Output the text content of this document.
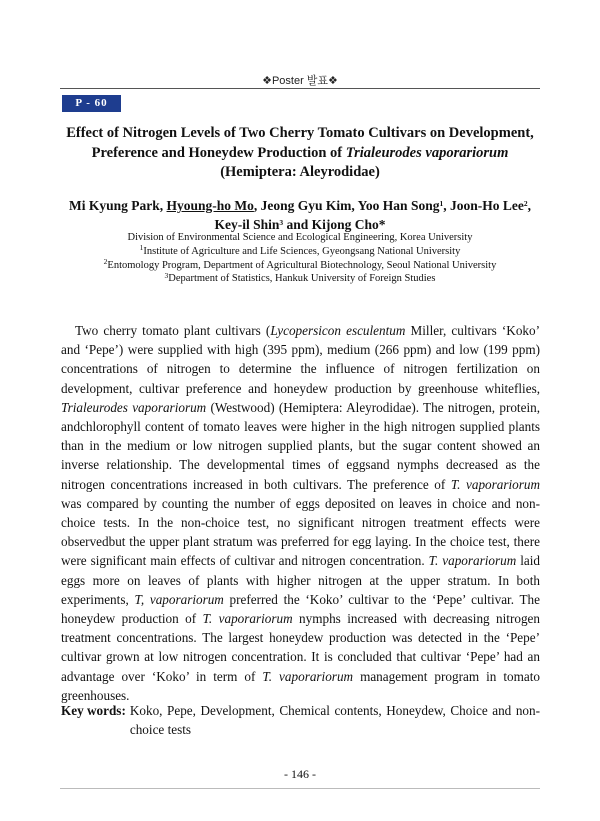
❖Poster 발표❖
P - 60
Effect of Nitrogen Levels of Two Cherry Tomato Cultivars on Development,
Preference and Honeydew Production of Trialeurodes vaporariorum
(Hemiptera: Aleyrodidae)
Mi Kyung Park, Hyoung-ho Mo, Jeong Gyu Kim, Yoo Han Song$^1$, Joon-Ho Lee$^2$,
Key-il Shin$^3$ and Kijong Cho*
Division of Environmental Science and Ecological Engineering, Korea University
$^1$Institute of Agriculture and Life Sciences, Gyeongsang National University
$^2$Entomology Program, Department of Agricultural Biotechnology, Seoul National University
$^3$Department of Statistics, Hankuk University of Foreign Studies
Two cherry tomato plant cultivars (Lycopersicon esculentum Miller, cultivars ‘Koko’ and ‘Pepe’) were supplied with high (395 ppm), medium (266 ppm) and low (199 ppm) concentrations of nitrogen to determine the influence of nitrogen fertilization on development, cultivar preference and honeydew production by greenhouse whiteflies, Trialeurodes vaporariorum (Westwood) (Hemiptera: Aleyrodidae). The nitrogen, protein, andchlorophyll content of tomato leaves were higher in the high nitrogen supplied plants than in the medium or low nitrogen supplied plants, but the sugar content showed an inverse relationship. The developmental times of eggsand nymphs decreased as the nitrogen concentrations increased in both cultivars. The preference of T. vaporariorum was compared by counting the number of eggs deposited on leaves in choice and non-choice tests. In the non-choice test, no significant nitrogen treatment effects were observedbut the upper plant stratum was preferred for egg laying. In the choice test, there were significant main effects of cultivar and nitrogen concentration. T. vaporariorum laid eggs more on leaves of plants with higher nitrogen at the upper stratum. In both experiments, T, vaporariorum preferred the ‘Koko’ cultivar to the ‘Pepe’ cultivar. The honeydew production of T. vaporariorum nymphs increased with decreasing nitrogen treatment concentrations. The largest honeydew production was detected in the ‘Pepe’ cultivar grown at low nitrogen concentration. It is concluded that cultivar ‘Pepe’ had an advantage over ‘Koko’ in term of T. vaporariorum management program in tomato greenhouses.
Key words: Koko, Pepe, Development, Chemical contents, Honeydew, Choice and non-choice tests
- 146 -
